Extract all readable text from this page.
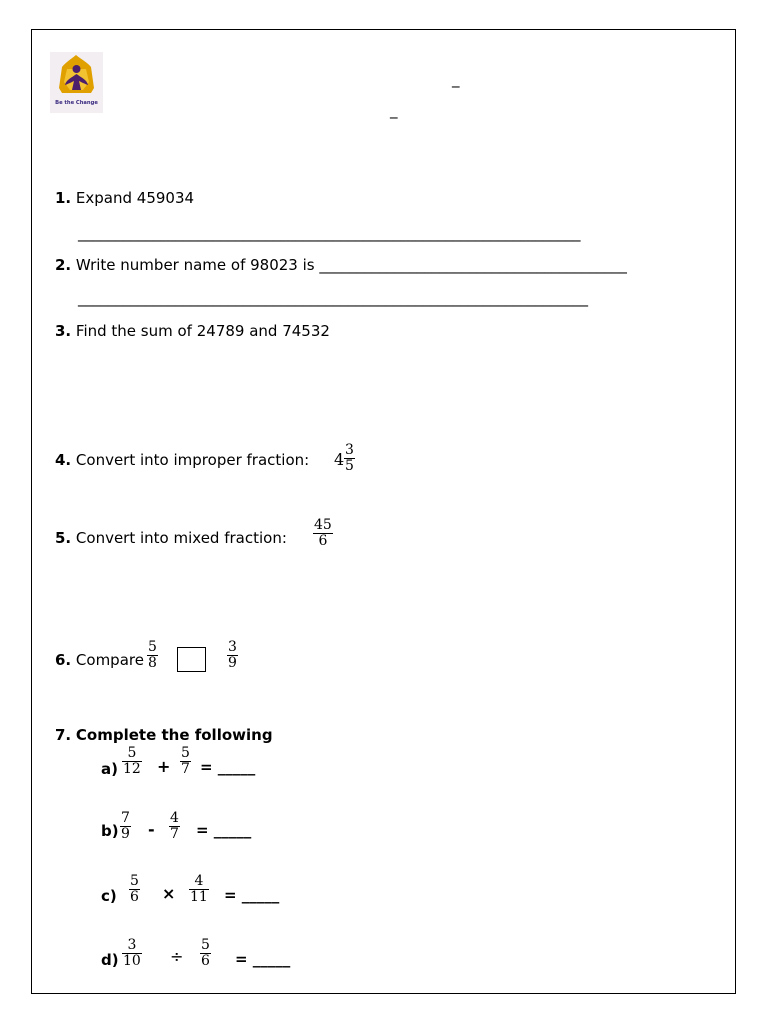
Be the Change
_
_
1. Expand 459034
___________________________________________________________________
2. Write number name of 98023 is _________________________________________
____________________________________________________________________
3. Find the sum of 24789 and 74532
4. Convert into improper fraction: $4 \frac{3}{5}$
5. Convert into mixed fraction: $\frac{45}{6}$
6. Compare $\frac{5}{8}$	$\frac{3}{9}$
7. Complete the following
$a) \frac{5}{12} + \frac{5}{7}$ = _____
$b) \frac{7}{9} - \frac{4}{7}$ = _____
$c) \frac{5}{6} \times \frac{4}{11}$ = _____
$d) \frac{3}{10} \div \frac{5}{6}$ = _____
